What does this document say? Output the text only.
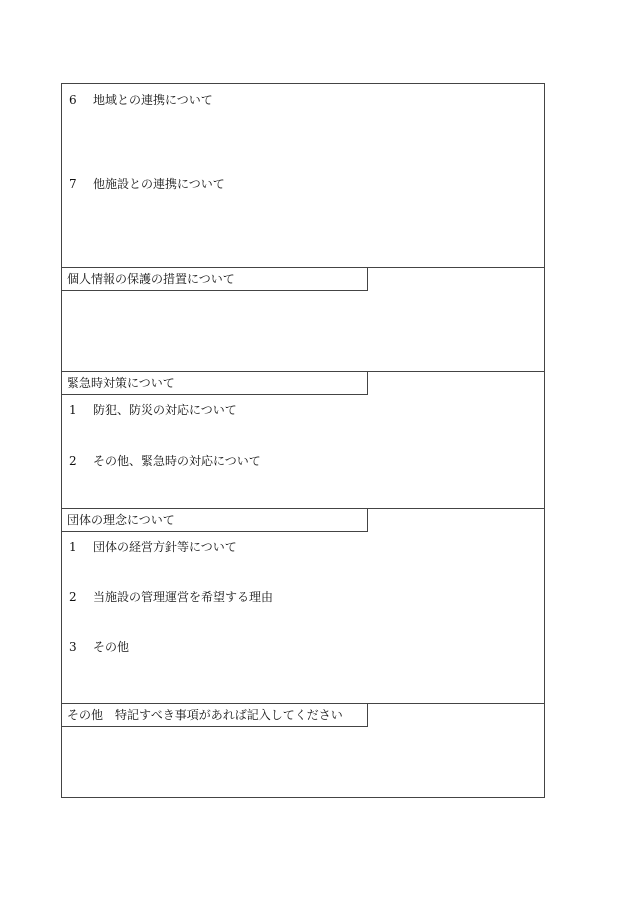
6 地域との連携について
7 他施設との連携について
個人情報の保護の措置について
緊急時対策について
1 防犯、防災の対応について
2 その他、緊急時の対応について
団体の理念について
1 団体の経営方針等について
2 当施設の管理運営を希望する理由
3 その他
その他　特記すべき事項があれば記入してください
